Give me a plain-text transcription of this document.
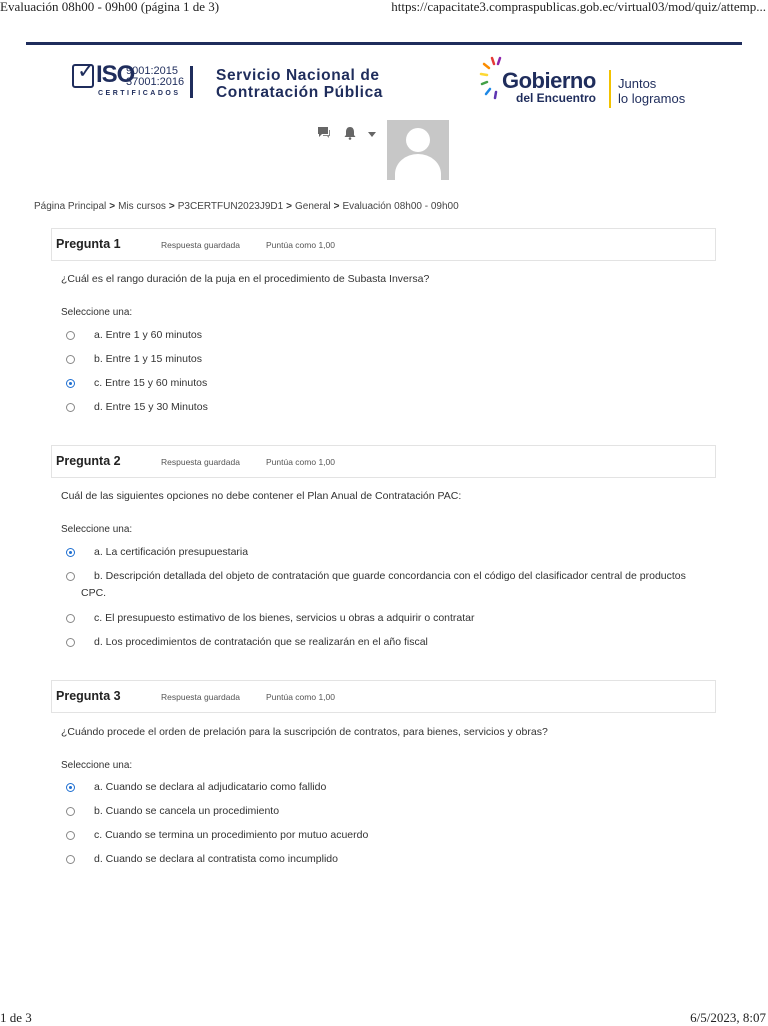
Evaluación 08h00 - 09h00 (página 1 de 3)	https://capacitate3.compraspublicas.gob.ec/virtual03/mod/quiz/attemp...
✓ ISO
9001:2015
37001:2016
CERTIFICADOS
Servicio Nacional de
Contratación Pública	Gobierno
del Encuentro
Juntos
lo logramos
Página Principal > Mis cursos > P3CERTFUN2023J9D1 > General > Evaluación 08h00 - 09h00
Pregunta 1	Respuesta guardada	Puntúa como 1,00
¿Cuál es el rango duración de la puja en el procedimiento de Subasta Inversa?
Seleccione una:
a. Entre 1 y 60 minutos
b. Entre 1 y 15 minutos
c. Entre 15 y 60 minutos
d. Entre 15 y 30 Minutos
Pregunta 2	Respuesta guardada	Puntúa como 1,00
Cuál de las siguientes opciones no debe contener el Plan Anual de Contratación PAC:
Seleccione una:
a. La certificación presupuestaria
b. Descripción detallada del objeto de contratación que guarde concordancia con el código del clasificador central de productos CPC.
c. El presupuesto estimativo de los bienes, servicios u obras a adquirir o contratar
d. Los procedimientos de contratación que se realizarán en el año fiscal
Pregunta 3	Respuesta guardada	Puntúa como 1,00
¿Cuándo procede el orden de prelación para la suscripción de contratos, para bienes, servicios y obras?
Seleccione una:
a. Cuando se declara al adjudicatario como fallido
b. Cuando se cancela un procedimiento
c. Cuando se termina un procedimiento por mutuo acuerdo
d. Cuando se declara al contratista como incumplido
1 de 3	6/5/2023, 8:07
